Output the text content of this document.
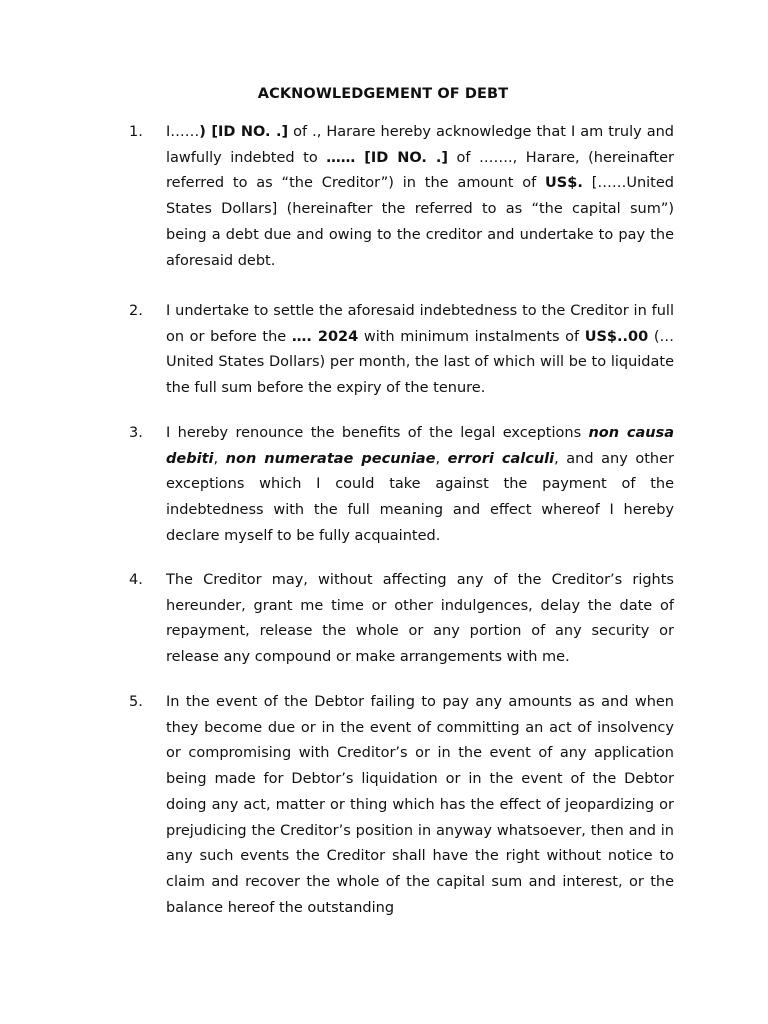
ACKNOWLEDGEMENT OF DEBT
1. I……) [ID NO. .] of ., Harare hereby acknowledge that I am truly and lawfully indebted to …… [ID NO. .] of ……., Harare, (hereinafter referred to as “the Creditor”) in the amount of US$. [……United States Dollars] (hereinafter the referred to as “the capital sum”) being a debt due and owing to the creditor and undertake to pay the aforesaid debt.
2. I undertake to settle the aforesaid indebtedness to the Creditor in full on or before the …. 2024 with minimum instalments of US$..00 (… United States Dollars) per month, the last of which will be to liquidate the full sum before the expiry of the tenure.
3. I hereby renounce the benefits of the legal exceptions non causa debiti, non numeratae pecuniae, errori calculi, and any other exceptions which I could take against the payment of the indebtedness with the full meaning and effect whereof I hereby declare myself to be fully acquainted.
4. The Creditor may, without affecting any of the Creditor’s rights hereunder, grant me time or other indulgences, delay the date of repayment, release the whole or any portion of any security or release any compound or make arrangements with me.
5. In the event of the Debtor failing to pay any amounts as and when they become due or in the event of committing an act of insolvency or compromising with Creditor’s or in the event of any application being made for Debtor’s liquidation or in the event of the Debtor doing any act, matter or thing which has the effect of jeopardizing or prejudicing the Creditor’s position in anyway whatsoever, then and in any such events the Creditor shall have the right without notice to claim and recover the whole of the capital sum and interest, or the balance hereof the outstanding
